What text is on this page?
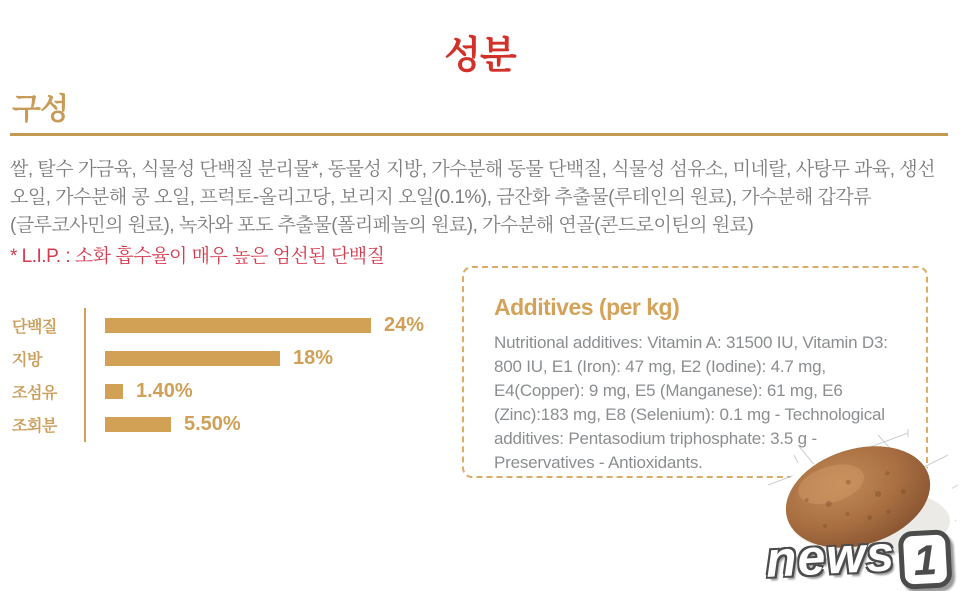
성분
구성

쌀, 탈수 가금육, 식물성 단백질 분리물*, 동물성 지방, 가수분해 동물 단백질, 식물성 섬유소, 미네랄, 사탕무 과육, 생선 오일, 가수분해 콩 오일, 프럭토-올리고당, 보리지 오일(0.1%), 금잔화 추출물(루테인의 원료), 가수분해 갑각류(글루코사민의 원료), 녹차와 포도 추출물(폴리페놀의 원료), 가수분해 연골(콘드로이틴의 원료)

* L.I.P. : 소화 흡수율이 매우 높은 엄선된 단백질

단백질	24%
지방	18%
조섬유	1.40%
조회분	5.50%
Additives (per kg)

Nutritional additives: Vitamin A: 31500 IU, Vitamin D3: 800 IU, E1 (Iron): 47 mg, E2 (Iodine): 4.7 mg, E4(Copper): 9 mg, E5 (Manganese): 61 mg, E6 (Zinc):183 mg, E8 (Selenium): 0.1 mg - Technological additives: Pentasodium triphosphate: 3.5 g - Preservatives - Antioxidants.

news 1
